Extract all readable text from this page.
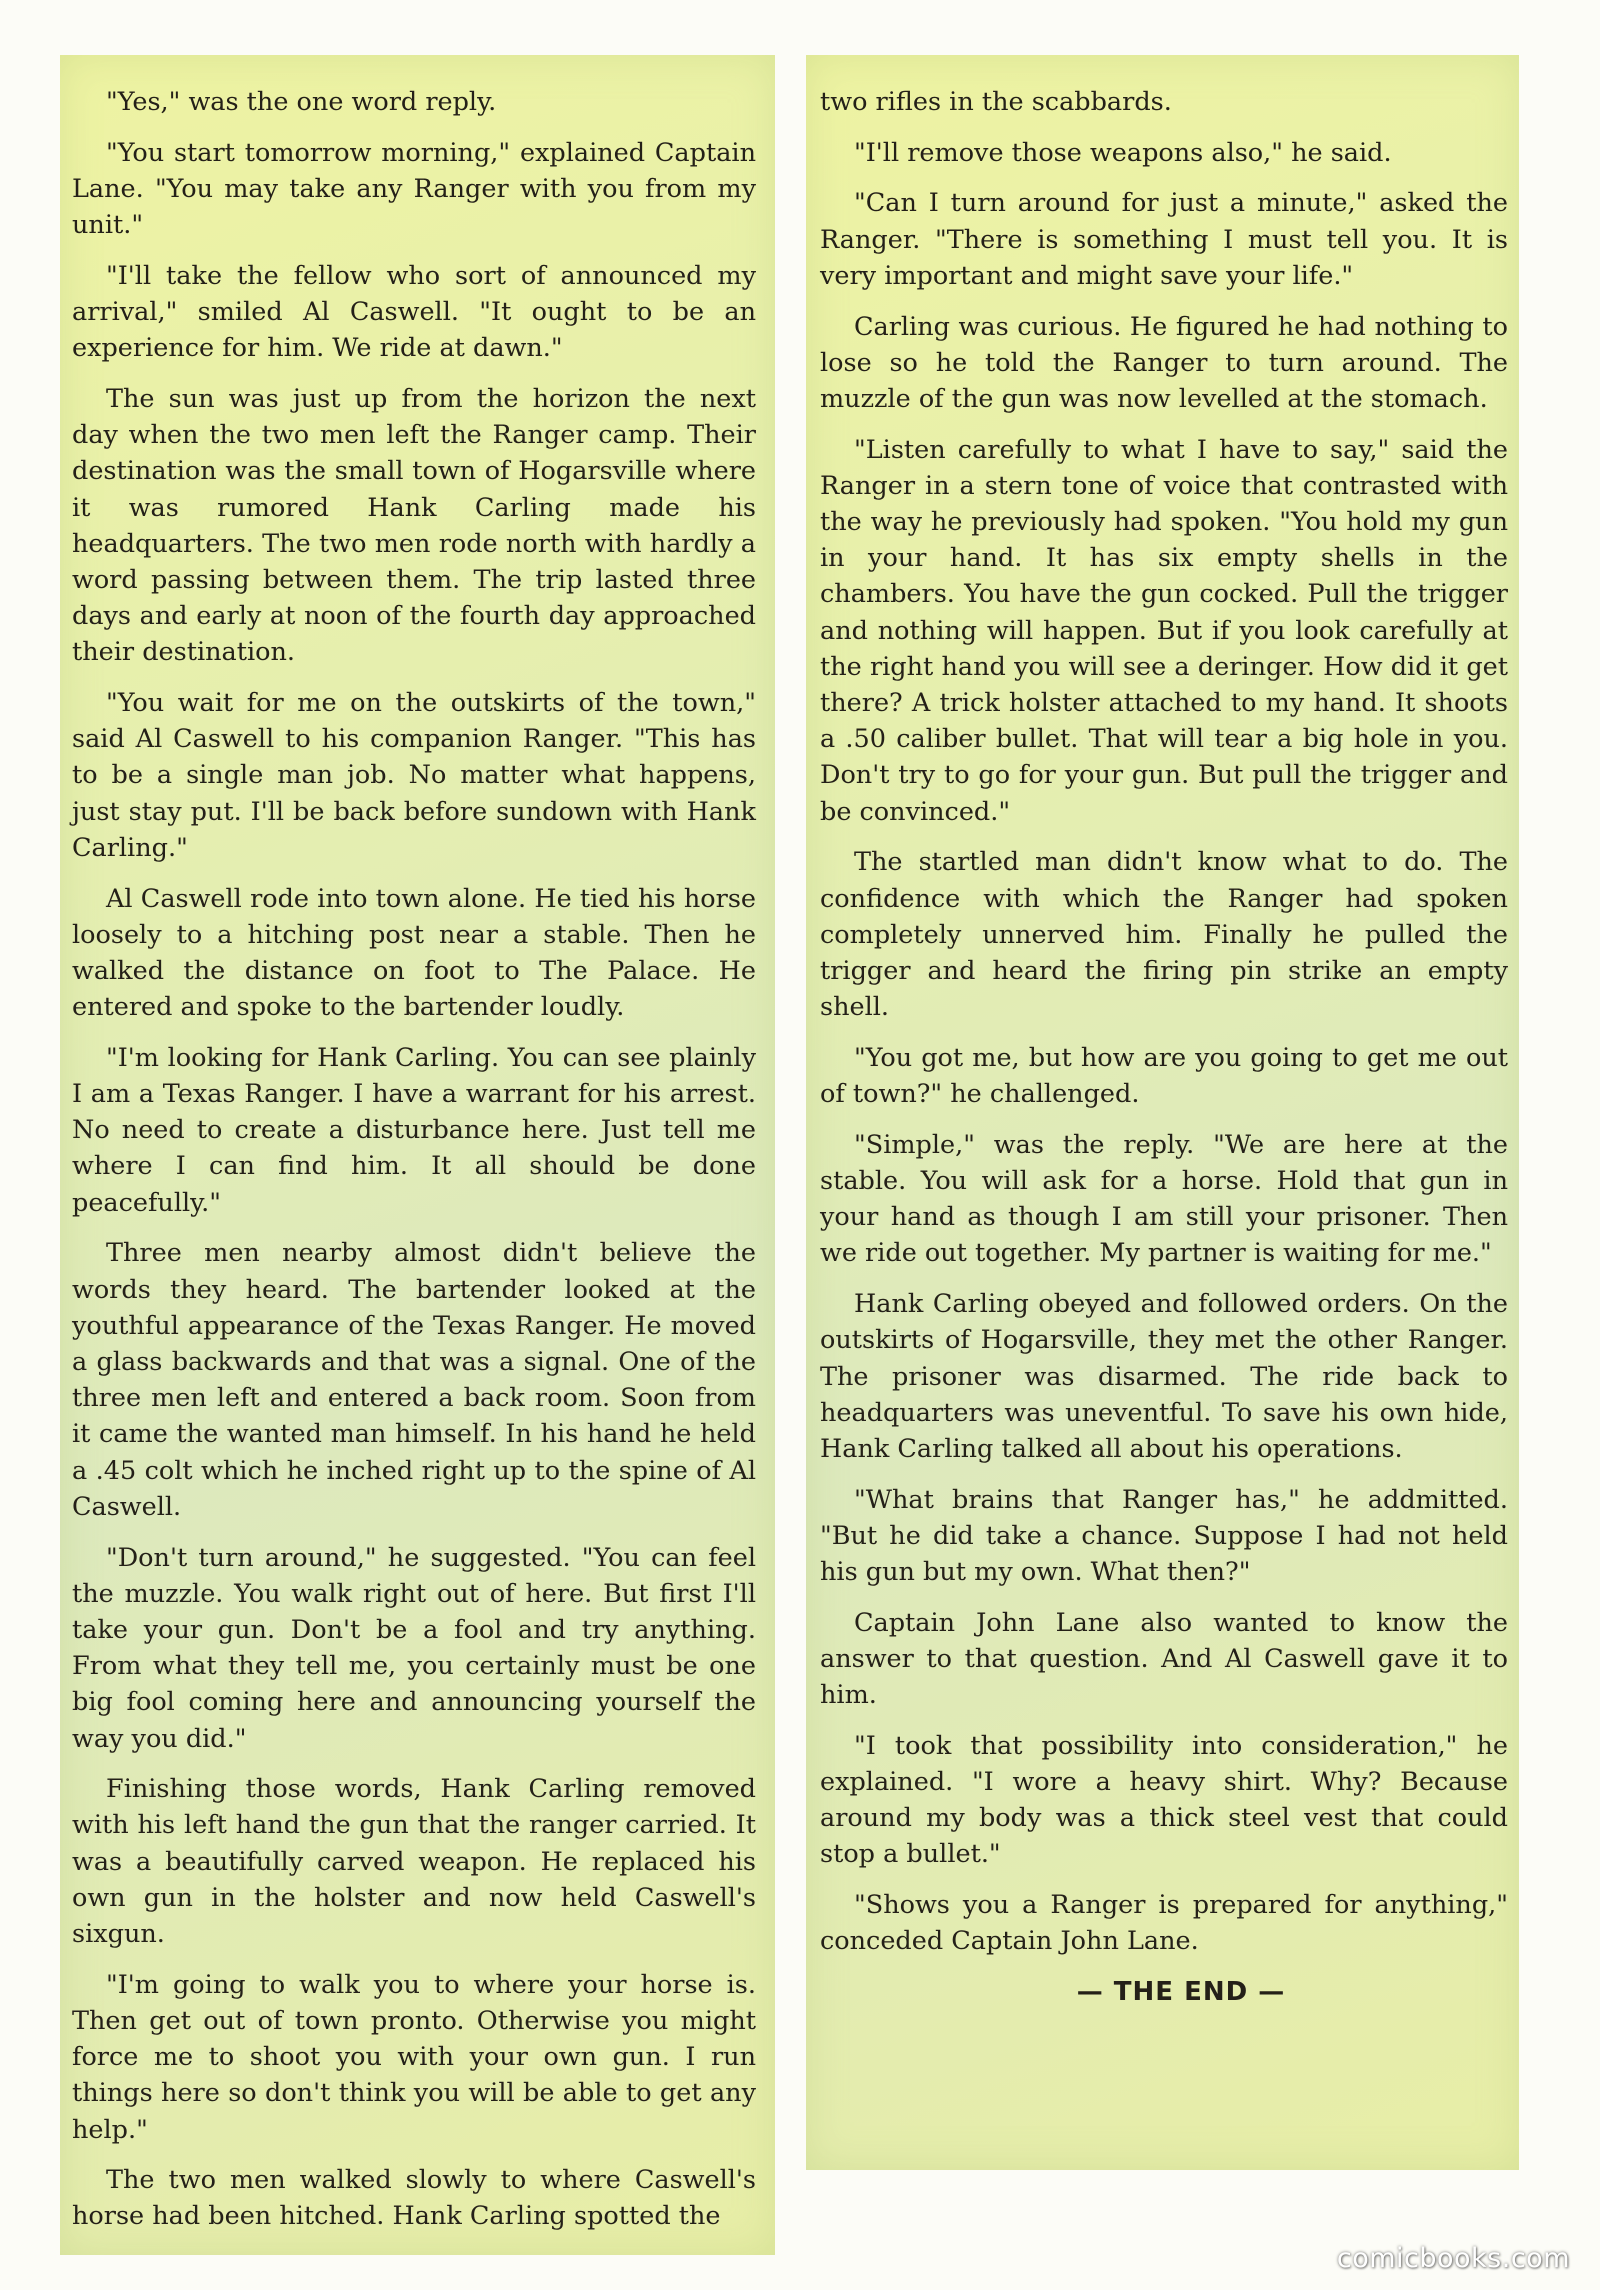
"Yes," was the one word reply.

"You start tomorrow morning," explained Captain Lane. "You may take any Ranger with you from my unit."

"I'll take the fellow who sort of announced my arrival," smiled Al Caswell. "It ought to be an experience for him. We ride at dawn."

The sun was just up from the horizon the next day when the two men left the Ranger camp. Their destination was the small town of Hogarsville where it was rumored Hank Carling made his headquarters. The two men rode north with hardly a word passing between them. The trip lasted three days and early at noon of the fourth day approached their destination.

"You wait for me on the outskirts of the town," said Al Caswell to his companion Ranger. "This has to be a single man job. No matter what happens, just stay put. I'll be back before sundown with Hank Carling."

Al Caswell rode into town alone. He tied his horse loosely to a hitching post near a stable. Then he walked the distance on foot to The Palace. He entered and spoke to the bartender loudly.

"I'm looking for Hank Carling. You can see plainly I am a Texas Ranger. I have a warrant for his arrest. No need to create a disturbance here. Just tell me where I can find him. It all should be done peacefully."

Three men nearby almost didn't believe the words they heard. The bartender looked at the youthful appearance of the Texas Ranger. He moved a glass backwards and that was a signal. One of the three men left and entered a back room. Soon from it came the wanted man himself. In his hand he held a .45 colt which he inched right up to the spine of Al Caswell.

"Don't turn around," he suggested. "You can feel the muzzle. You walk right out of here. But first I'll take your gun. Don't be a fool and try anything. From what they tell me, you certainly must be one big fool coming here and announcing yourself the way you did."

Finishing those words, Hank Carling removed with his left hand the gun that the ranger carried. It was a beautifully carved weapon. He replaced his own gun in the holster and now held Caswell's sixgun.

"I'm going to walk you to where your horse is. Then get out of town pronto. Otherwise you might force me to shoot you with your own gun. I run things here so don't think you will be able to get any help."

The two men walked slowly to where Caswell's horse had been hitched. Hank Carling spotted the

two rifles in the scabbards.

"I'll remove those weapons also," he said.

"Can I turn around for just a minute," asked the Ranger. "There is something I must tell you. It is very important and might save your life."

Carling was curious. He figured he had nothing to lose so he told the Ranger to turn around. The muzzle of the gun was now levelled at the stomach.

"Listen carefully to what I have to say," said the Ranger in a stern tone of voice that contrasted with the way he previously had spoken. "You hold my gun in your hand. It has six empty shells in the chambers. You have the gun cocked. Pull the trigger and nothing will happen. But if you look carefully at the right hand you will see a deringer. How did it get there? A trick holster attached to my hand. It shoots a .50 caliber bullet. That will tear a big hole in you. Don't try to go for your gun. But pull the trigger and be convinced."

The startled man didn't know what to do. The confidence with which the Ranger had spoken completely unnerved him. Finally he pulled the trigger and heard the firing pin strike an empty shell.

"You got me, but how are you going to get me out of town?" he challenged.

"Simple," was the reply. "We are here at the stable. You will ask for a horse. Hold that gun in your hand as though I am still your prisoner. Then we ride out together. My partner is waiting for me."

Hank Carling obeyed and followed orders. On the outskirts of Hogarsville, they met the other Ranger. The prisoner was disarmed. The ride back to headquarters was uneventful. To save his own hide, Hank Carling talked all about his operations.

"What brains that Ranger has," he addmitted. "But he did take a chance. Suppose I had not held his gun but my own. What then?"

Captain John Lane also wanted to know the answer to that question. And Al Caswell gave it to him.

"I took that possibility into consideration," he explained. "I wore a heavy shirt. Why? Because around my body was a thick steel vest that could stop a bullet."

"Shows you a Ranger is prepared for anything," conceded Captain John Lane.

— THE END —

comicbooks.com
